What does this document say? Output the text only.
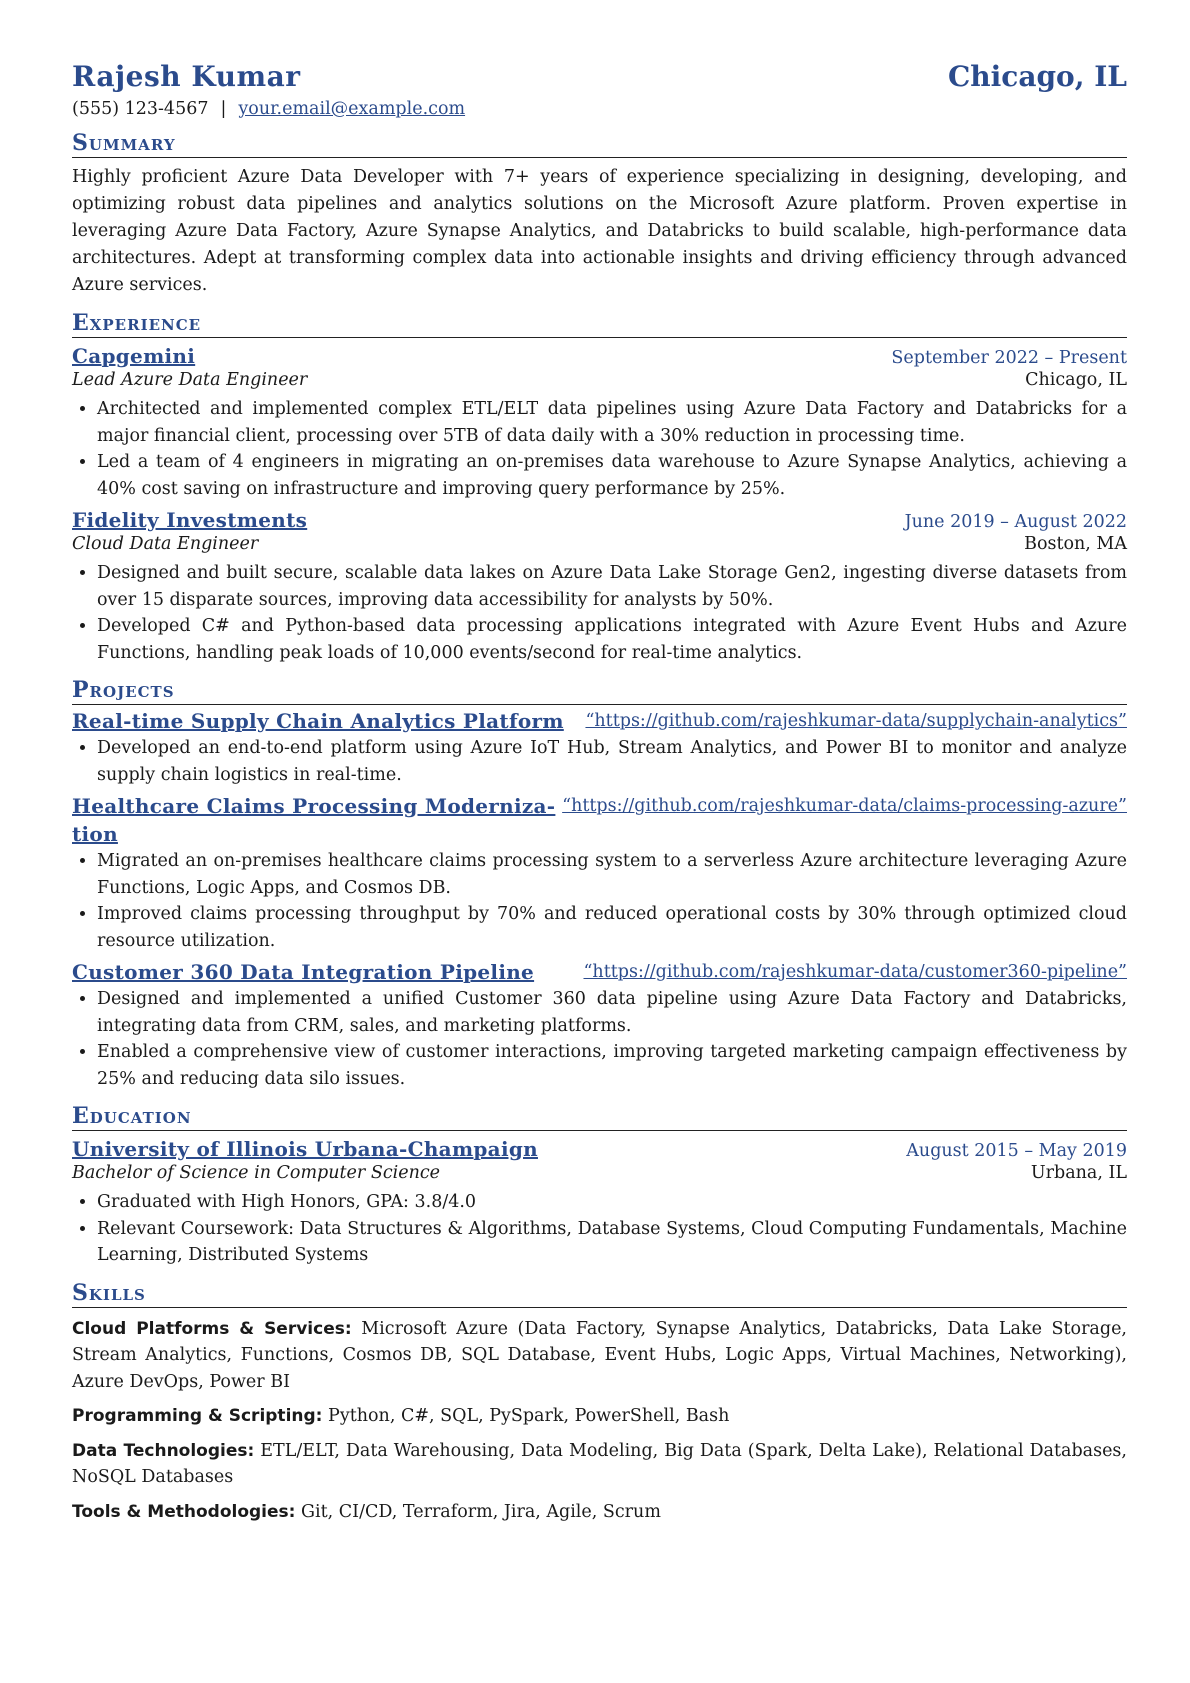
Rajesh Kumar	Chicago, IL
(555) 123-4567 | your.email@example.com
Summary
Highly proficient Azure Data Developer with 7+ years of experience specializing in designing, developing, and optimizing robust data pipelines and analytics solutions on the Microsoft Azure platform. Proven expertise in leveraging Azure Data Factory, Azure Synapse Analytics, and Databricks to build scalable, high-performance data architectures. Adept at transforming complex data into actionable insights and driving efficiency through advanced Azure services.
Experience
Capgemini	September 2022 – Present
Lead Azure Data Engineer	Chicago, IL
• Architected and implemented complex ETL/ELT data pipelines using Azure Data Factory and Databricks for a major financial client, processing over 5TB of data daily with a 30% reduction in processing time.
• Led a team of 4 engineers in migrating an on-premises data warehouse to Azure Synapse Analytics, achieving a 40% cost saving on infrastructure and improving query performance by 25%.
Fidelity Investments	June 2019 – August 2022
Cloud Data Engineer	Boston, MA
• Designed and built secure, scalable data lakes on Azure Data Lake Storage Gen2, ingesting diverse datasets from over 15 disparate sources, improving data accessibility for analysts by 50%.
• Developed C# and Python-based data processing applications integrated with Azure Event Hubs and Azure Functions, handling peak loads of 10,000 events/second for real-time analytics.
Projects
Real-time Supply Chain Analytics Platform “https://github.com/rajeshkumar-data/supplychain-analytics”
• Developed an end-to-end platform using Azure IoT Hub, Stream Analytics, and Power BI to monitor and analyze supply chain logistics in real-time.
Healthcare Claims Processing Moderniza- “https://github.com/rajeshkumar-data/claims-processing-azure”
tion
• Migrated an on-premises healthcare claims processing system to a serverless Azure architecture leveraging Azure Functions, Logic Apps, and Cosmos DB.
• Improved claims processing throughput by 70% and reduced operational costs by 30% through optimized cloud resource utilization.
Customer 360 Data Integration Pipeline	“https://github.com/rajeshkumar-data/customer360-pipeline”
• Designed and implemented a unified Customer 360 data pipeline using Azure Data Factory and Databricks, integrating data from CRM, sales, and marketing platforms.
• Enabled a comprehensive view of customer interactions, improving targeted marketing campaign effectiveness by 25% and reducing data silo issues.
Education
University of Illinois Urbana-Champaign	August 2015 – May 2019
Bachelor of Science in Computer Science	Urbana, IL
• Graduated with High Honors, GPA: 3.8/4.0
• Relevant Coursework: Data Structures & Algorithms, Database Systems, Cloud Computing Fundamentals, Machine Learning, Distributed Systems
Skills
Cloud Platforms & Services: Microsoft Azure (Data Factory, Synapse Analytics, Databricks, Data Lake Storage, Stream Analytics, Functions, Cosmos DB, SQL Database, Event Hubs, Logic Apps, Virtual Machines, Networking), Azure DevOps, Power BI
Programming & Scripting: Python, C#, SQL, PySpark, PowerShell, Bash
Data Technologies: ETL/ELT, Data Warehousing, Data Modeling, Big Data (Spark, Delta Lake), Relational Databases, NoSQL Databases
Tools & Methodologies: Git, CI/CD, Terraform, Jira, Agile, Scrum
